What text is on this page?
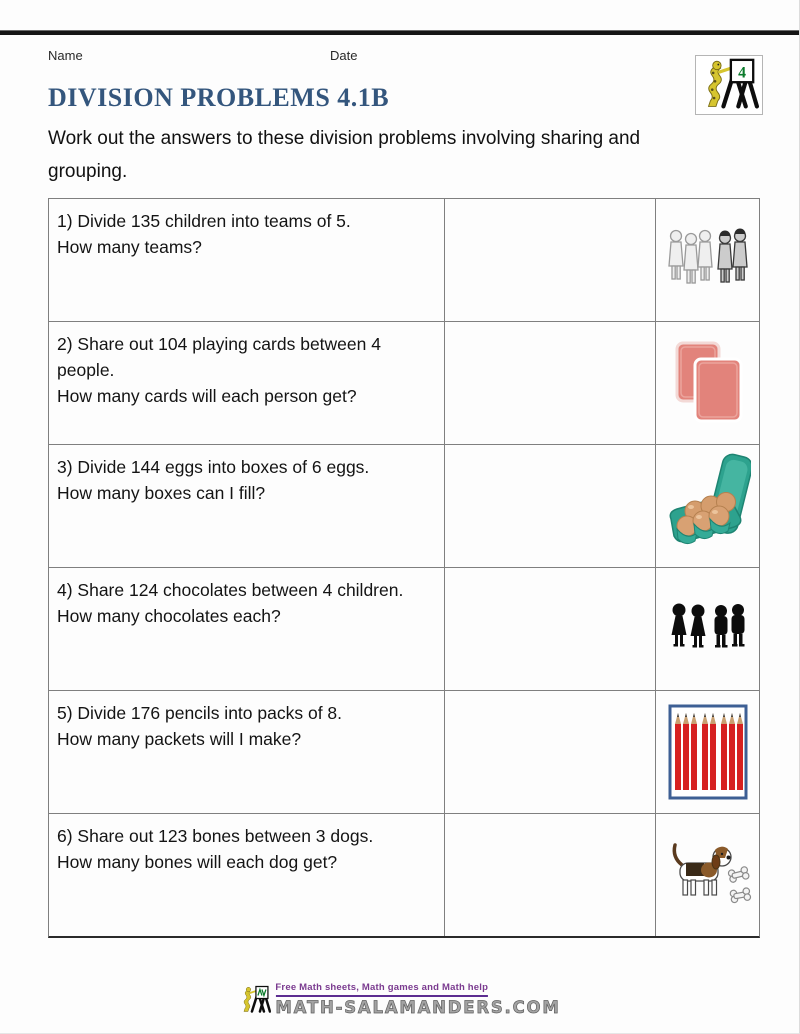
Name	Date
4
DIVISION PROBLEMS 4.1B

Work out the answers to these division problems involving sharing and grouping.

1) Divide 135 children into teams of 5.
How many teams?
2) Share out 104 playing cards between 4 people.
How many cards will each person get?
3) Divide 144 eggs into boxes of 6 eggs.
How many boxes can I fill?
4) Share 124 chocolates between 4 children.
How many chocolates each?
5) Divide 176 pencils into packs of 8.
How many packets will I make?
6) Share out 123 bones between 3 dogs.
How many bones will each dog get?
Free Math sheets, Math games and Math help
MATH-SALAMANDERS.COM
